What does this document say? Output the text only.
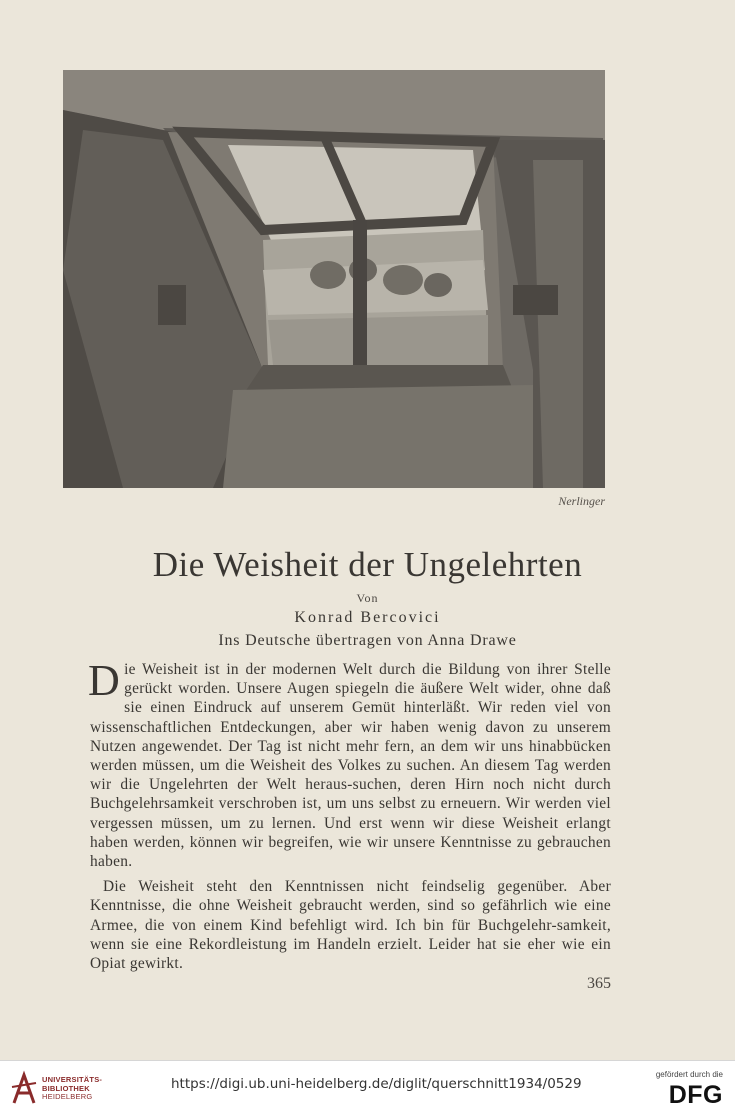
Nerlinger
Die Weisheit der Ungelehrten
Von
Konrad Bercovici
Ins Deutsche übertragen von Anna Drawe

Die Weisheit ist in der modernen Welt durch die Bildung von ihrer Stelle gerückt worden. Unsere Augen spiegeln die äußere Welt wider, ohne daß sie einen Eindruck auf unserem Gemüt hinterläßt. Wir reden viel von wissenschaftlichen Entdeckungen, aber wir haben wenig davon zu unserem Nutzen angewendet. Der Tag ist nicht mehr fern, an dem wir uns hinabbücken werden müssen, um die Weisheit des Volkes zu suchen. An diesem Tag werden wir die Ungelehrten der Welt heraus-suchen, deren Hirn noch nicht durch Buchgelehrsamkeit verschroben ist, um uns selbst zu erneuern. Wir werden viel vergessen müssen, um zu lernen. Und erst wenn wir diese Weisheit erlangt haben werden, können wir begreifen, wie wir unsere Kenntnisse zu gebrauchen haben.

Die Weisheit steht den Kenntnissen nicht feindselig gegenüber. Aber Kenntnisse, die ohne Weisheit gebraucht werden, sind so gefährlich wie eine Armee, die von einem Kind befehligt wird. Ich bin für Buchgelehr-samkeit, wenn sie eine Rekordleistung im Handeln erzielt. Leider hat sie eher wie ein Opiat gewirkt.

365
UNIVERSITÄTS-
BIBLIOTHEK
HEIDELBERG
https://digi.ub.uni-heidelberg.de/diglit/querschnitt1934/0529
gefördert durch die
DFG
